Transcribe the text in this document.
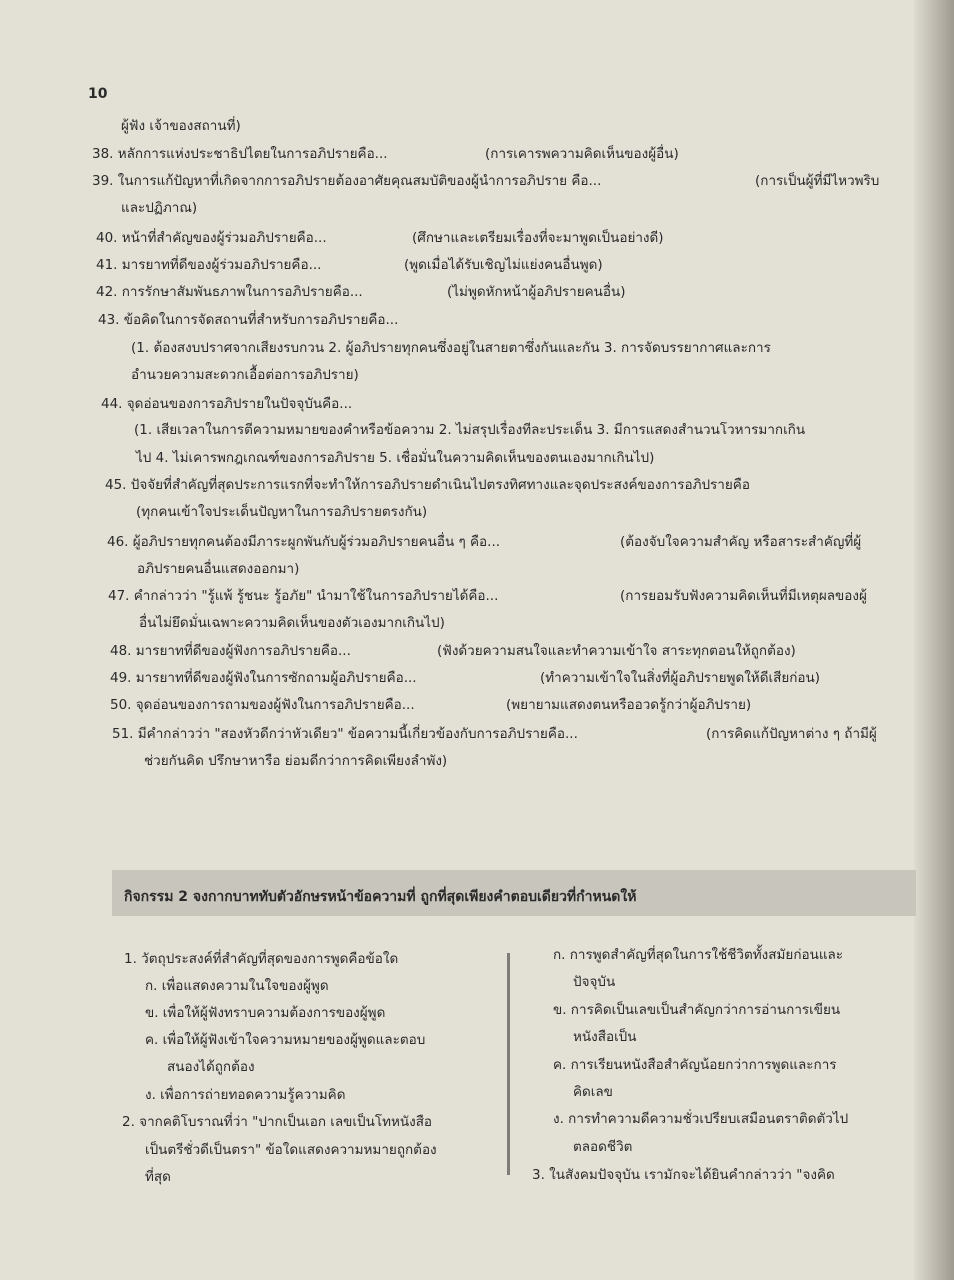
10
ผู้ฟัง เจ้าของสถานที่)
38. หลักการแห่งประชาธิปไตยในการอภิปรายคือ...	(การเคารพความคิดเห็นของผู้อื่น)
39. ในการแก้ปัญหาที่เกิดจากการอภิปรายต้องอาศัยคุณสมบัติของผู้นำการอภิปราย คือ...	(การเป็นผู้ที่มีไหวพริบ
และปฏิภาณ)
40. หน้าที่สำคัญของผู้ร่วมอภิปรายคือ...	(ศึกษาและเตรียมเรื่องที่จะมาพูดเป็นอย่างดี)
41. มารยาทที่ดีของผู้ร่วมอภิปรายคือ...	(พูดเมื่อได้รับเชิญไม่แย่งคนอื่นพูด)
42. การรักษาสัมพันธภาพในการอภิปรายคือ...	(ไม่พูดหักหน้าผู้อภิปรายคนอื่น)
43. ข้อคิดในการจัดสถานที่สำหรับการอภิปรายคือ...
(1. ต้องสงบปราศจากเสียงรบกวน 2. ผู้อภิปรายทุกคนซึ่งอยู่ในสายตาซึ่งกันและกัน 3. การจัดบรรยากาศและการ
อำนวยความสะดวกเอื้อต่อการอภิปราย)
44. จุดอ่อนของการอภิปรายในปัจจุบันคือ...
(1. เสียเวลาในการตีความหมายของคำหรือข้อความ 2. ไม่สรุปเรื่องทีละประเด็น 3. มีการแสดงสำนวนโวหารมากเกิน
ไป 4. ไม่เคารพกฎเกณฑ์ของการอภิปราย 5. เชื่อมั่นในความคิดเห็นของตนเองมากเกินไป)
45. ปัจจัยที่สำคัญที่สุดประการแรกที่จะทำให้การอภิปรายดำเนินไปตรงทิศทางและจุดประสงค์ของการอภิปรายคือ
(ทุกคนเข้าใจประเด็นปัญหาในการอภิปรายตรงกัน)
46. ผู้อภิปรายทุกคนต้องมีภาระผูกพันกับผู้ร่วมอภิปรายคนอื่น ๆ คือ...	(ต้องจับใจความสำคัญ หรือสาระสำคัญที่ผู้
อภิปรายคนอื่นแสดงออกมา)
47. คำกล่าวว่า "รู้แพ้ รู้ชนะ รู้อภัย" นำมาใช้ในการอภิปรายได้คือ...	(การยอมรับฟังความคิดเห็นที่มีเหตุผลของผู้
อื่นไม่ยึดมั่นเฉพาะความคิดเห็นของตัวเองมากเกินไป)
48. มารยาทที่ดีของผู้ฟังการอภิปรายคือ...	(ฟังด้วยความสนใจและทำความเข้าใจ สาระทุกตอนให้ถูกต้อง)
49. มารยาทที่ดีของผู้ฟังในการซักถามผู้อภิปรายคือ...	(ทำความเข้าใจในสิ่งที่ผู้อภิปรายพูดให้ดีเสียก่อน)
50. จุดอ่อนของการถามของผู้ฟังในการอภิปรายคือ...	(พยายามแสดงตนหรืออวดรู้กว่าผู้อภิปราย)
51. มีคำกล่าวว่า "สองหัวดีกว่าหัวเดียว" ข้อความนี้เกี่ยวข้องกับการอภิปรายคือ...	(การคิดแก้ปัญหาต่าง ๆ ถ้ามีผู้
ช่วยกันคิด ปรึกษาหารือ ย่อมดีกว่าการคิดเพียงลำพัง)
กิจกรรม 2 จงกากบาททับตัวอักษรหน้าข้อความที่ ถูกที่สุดเพียงคำตอบเดียวที่กำหนดให้
1. วัตถุประสงค์ที่สำคัญที่สุดของการพูดคือข้อใด
ก. เพื่อแสดงความในใจของผู้พูด
ข. เพื่อให้ผู้ฟังทราบความต้องการของผู้พูด
ค. เพื่อให้ผู้ฟังเข้าใจความหมายของผู้พูดและตอบ
สนองได้ถูกต้อง
ง. เพื่อการถ่ายทอดความรู้ความคิด
2. จากคติโบราณที่ว่า "ปากเป็นเอก เลขเป็นโทหนังสือ
เป็นตรีชั่วดีเป็นตรา" ข้อใดแสดงความหมายถูกต้อง
ที่สุด
ก. การพูดสำคัญที่สุดในการใช้ชีวิตทั้งสมัยก่อนและ
ปัจจุบัน
ข. การคิดเป็นเลขเป็นสำคัญกว่าการอ่านการเขียน
หนังสือเป็น
ค. การเรียนหนังสือสำคัญน้อยกว่าการพูดและการ
คิดเลข
ง. การทำความดีความชั่วเปรียบเสมือนตราติดตัวไป
ตลอดชีวิต
3. ในสังคมปัจจุบัน เรามักจะได้ยินคำกล่าวว่า "จงคิด
